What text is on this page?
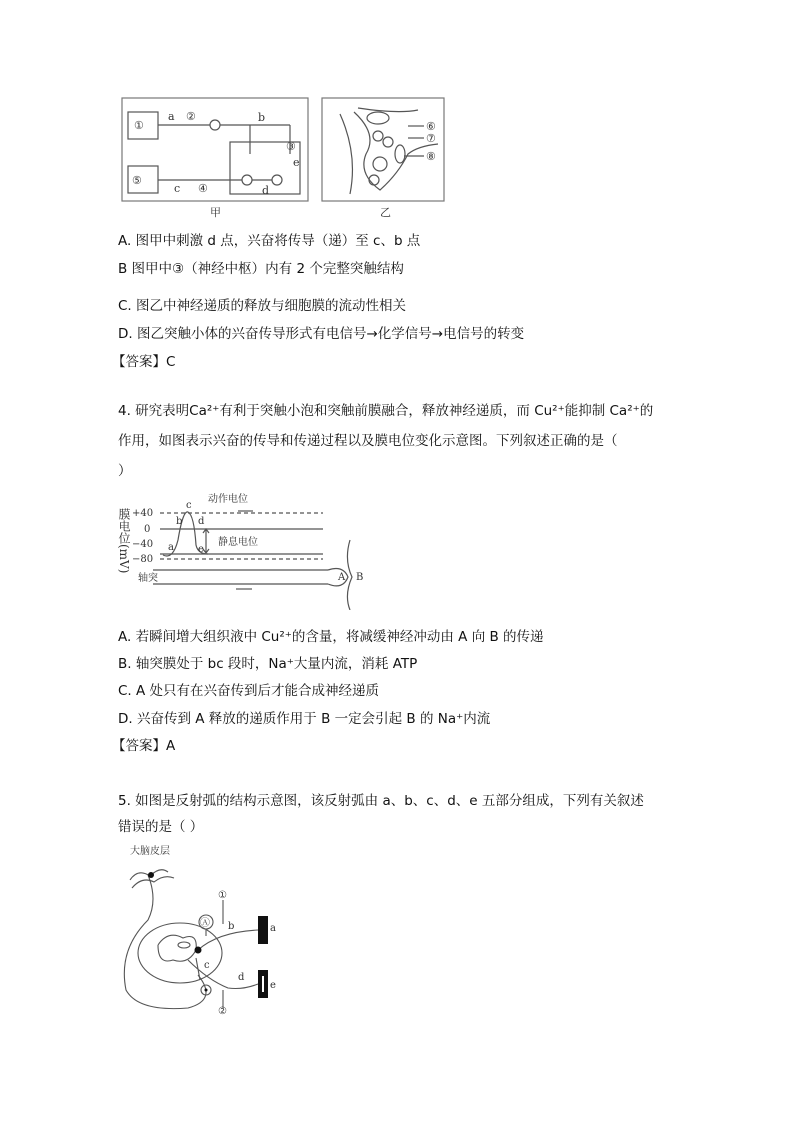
①
a ②	b
③
e
⑤
c ④	d
⑥
⑦
⑧
甲	乙
A. 图甲中刺激 d 点，兴奋将传导（递）至 c、b 点
B 图甲中③（神经中枢）内有 2 个完整突触结构
C. 图乙中神经递质的释放与细胞膜的流动性相关
D. 图乙突触小体的兴奋传导形式有电信号→化学信号→电信号的转变
【答案】C
4. 研究表明Ca²⁺有利于突触小泡和突触前膜融合，释放神经递质，而 Cu²⁺能抑制 Ca²⁺的
作用，如图表示兴奋的传导和传递过程以及膜电位变化示意图。下列叙述正确的是（
）
+40
0
−40
−80
动作电位
静息电位
轴突
a
b
c
d
e
A B
膜电位(mV)
A. 若瞬间增大组织液中 Cu²⁺的含量，将减缓神经冲动由 A 向 B 的传递
B. 轴突膜处于 bc 段时，Na⁺大量内流，消耗 ATP
C. A 处只有在兴奋传到后才能合成神经递质
D. 兴奋传到 A 释放的递质作用于 B 一定会引起 B 的 Na⁺内流
【答案】A
5. 如图是反射弧的结构示意图，该反射弧由 a、b、c、d、e 五部分组成，下列有关叙述
错误的是（ ）
大脑皮层
①
Ⓐ b	a
c
d
e
②
